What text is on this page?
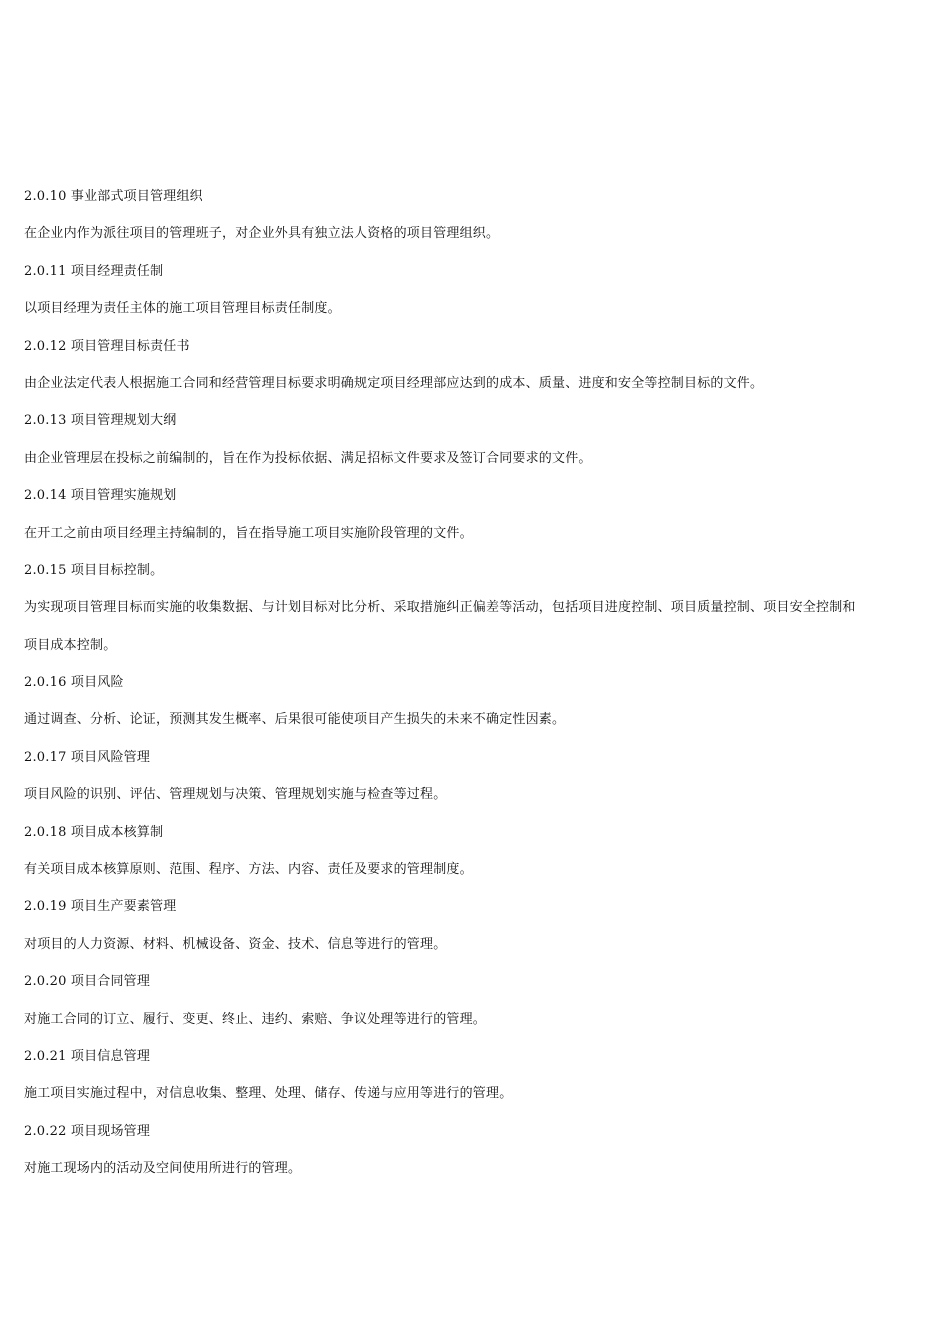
2.0.10 事业部式项目管理组织
在企业内作为派往项目的管理班子，对企业外具有独立法人资格的项目管理组织。
2.0.11 项目经理责任制
以项目经理为责任主体的施工项目管理目标责任制度。
2.0.12 项目管理目标责任书
由企业法定代表人根据施工合同和经营管理目标要求明确规定项目经理部应达到的成本、质量、进度和安全等控制目标的文件。
2.0.13 项目管理规划大纲
由企业管理层在投标之前编制的，旨在作为投标依据、满足招标文件要求及签订合同要求的文件。
2.0.14 项目管理实施规划
在开工之前由项目经理主持编制的，旨在指导施工项目实施阶段管理的文件。
2.0.15 项目目标控制。
为实现项目管理目标而实施的收集数据、与计划目标对比分析、采取措施纠正偏差等活动，包括项目进度控制、项目质量控制、项目安全控制和
项目成本控制。
2.0.16 项目风险
通过调查、分析、论证，预测其发生概率、后果很可能使项目产生损失的未来不确定性因素。
2.0.17 项目风险管理
项目风险的识别、评估、管理规划与决策、管理规划实施与检查等过程。
2.0.18 项目成本核算制
有关项目成本核算原则、范围、程序、方法、内容、责任及要求的管理制度。
2.0.19 项目生产要素管理
对项目的人力资源、材料、机械设备、资金、技术、信息等进行的管理。
2.0.20 项目合同管理
对施工合同的订立、履行、变更、终止、违约、索赔、争议处理等进行的管理。
2.0.21 项目信息管理
施工项目实施过程中，对信息收集、整理、处理、储存、传递与应用等进行的管理。
2.0.22 项目现场管理
对施工现场内的活动及空间使用所进行的管理。
